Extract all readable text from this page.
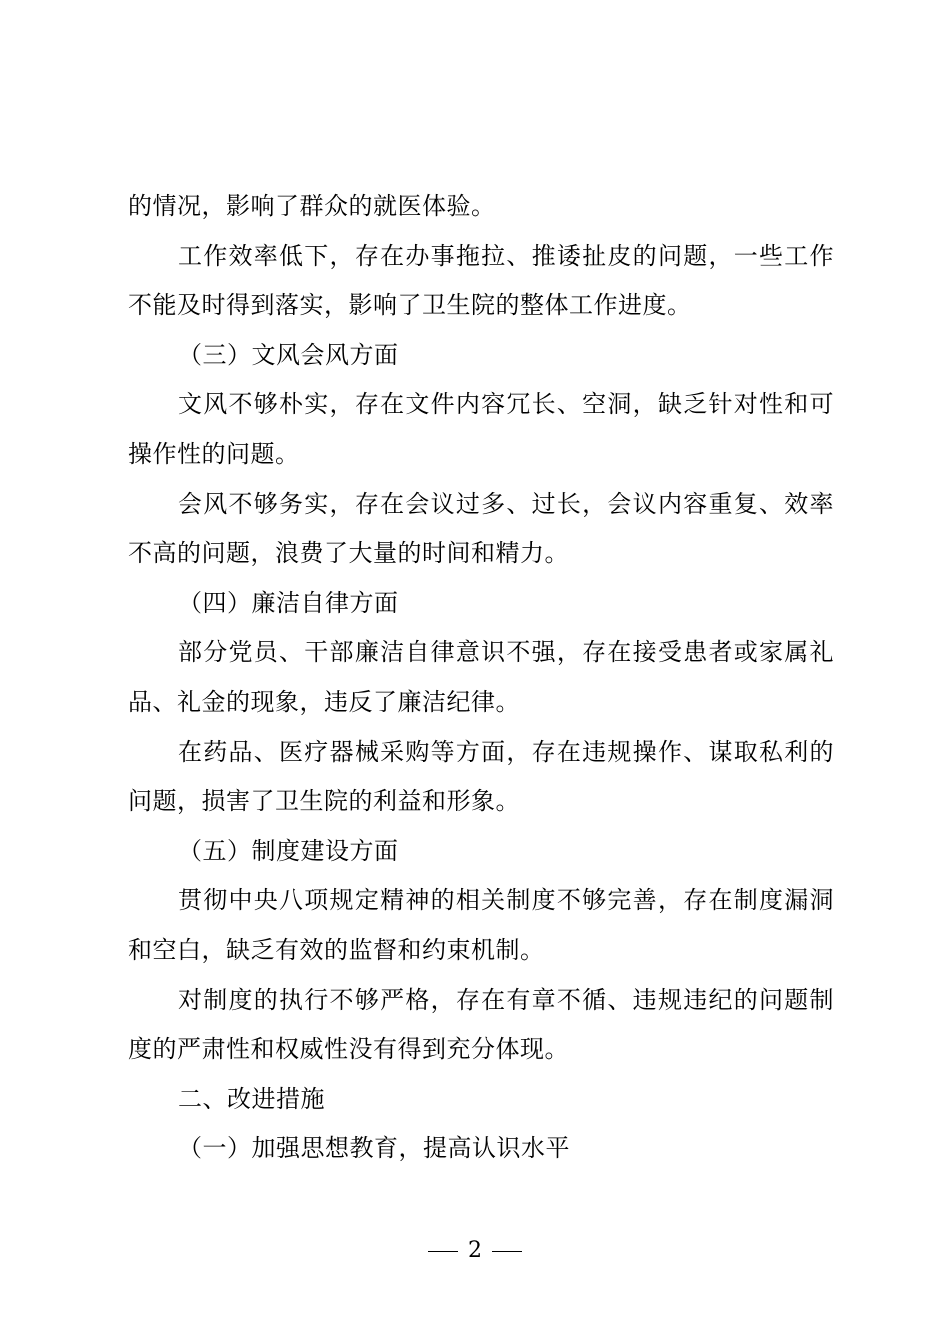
的情况，影响了群众的就医体验。

工作效率低下，存在办事拖拉、推诿扯皮的问题，一些工作不能及时得到落实，影响了卫生院的整体工作进度。

（三）文风会风方面

文风不够朴实，存在文件内容冗长、空洞，缺乏针对性和可操作性的问题。

会风不够务实，存在会议过多、过长，会议内容重复、效率不高的问题，浪费了大量的时间和精力。

（四）廉洁自律方面

部分党员、干部廉洁自律意识不强，存在接受患者或家属礼品、礼金的现象，违反了廉洁纪律。

在药品、医疗器械采购等方面，存在违规操作、谋取私利的问题，损害了卫生院的利益和形象。

（五）制度建设方面

贯彻中央八项规定精神的相关制度不够完善，存在制度漏洞和空白，缺乏有效的监督和约束机制。

对制度的执行不够严格，存在有章不循、违规违纪的问题制度的严肃性和权威性没有得到充分体现。

二、改进措施

（一）加强思想教育，提高认识水平

2
